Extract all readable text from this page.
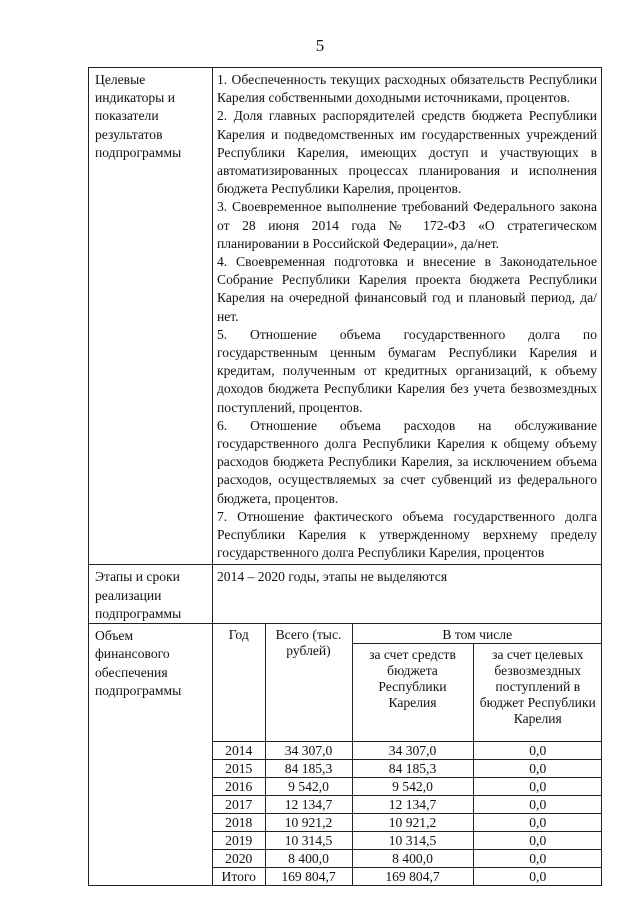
5
Целевые индикаторы и показатели результатов подпрограммы	

1. Обеспеченность текущих расходных обязательств Республики Карелия собственными доходными источниками, процентов.

2. Доля главных распорядителей средств бюджета Республики Карелия и подведомственных им государственных учреждений Республики Карелия, имеющих доступ и участвующих в автоматизированных процессах планирования и исполнения бюджета Республики Карелия, процентов.

3. Своевременное выполнение требований Федерального закона от 28 июня 2014 года № 172-ФЗ «О стратегическом планировании в Российской Федерации», да/нет.

4. Своевременная подготовка и внесение в Законодательное Собрание Республики Карелия проекта бюджета Республики Карелия на очередной финансовый год и плановый период, да/нет.

5. Отношение объема государственного долга по государственным ценным бумагам Республики Карелия и кредитам, полученным от кредитных организаций, к объему доходов бюджета Республики Карелия без учета безвозмездных поступлений, процентов.

6. Отношение объема расходов на обслуживание государственного долга Республики Карелия к общему объему расходов бюджета Республики Карелия, за исключением объема расходов, осуществляемых за счет субвенций из федерального бюджета, процентов.

7. Отношение фактического объема государственного долга Республики Карелия к утвержденному верхнему пределу государственного долга Республики Карелия, процентов

Этапы и сроки реализации подпрограммы	2014 – 2020 годы, этапы не выделяются
Объем финансового обеспечения подпрограммы	
Год	Всего (тыс. рублей)	В том числе
за счет средств бюджета Республики Карелия	за счет целевых безвозмездных поступлений в бюджет Республики Карелия
2014	34 307,0	34 307,0	0,0
2015	84 185,3	84 185,3	0,0
2016	9 542,0	9 542,0	0,0
2017	12 134,7	12 134,7	0,0
2018	10 921,2	10 921,2	0,0
2019	10 314,5	10 314,5	0,0
2020	8 400,0	8 400,0	0,0
Итого	169 804,7	169 804,7	0,0
